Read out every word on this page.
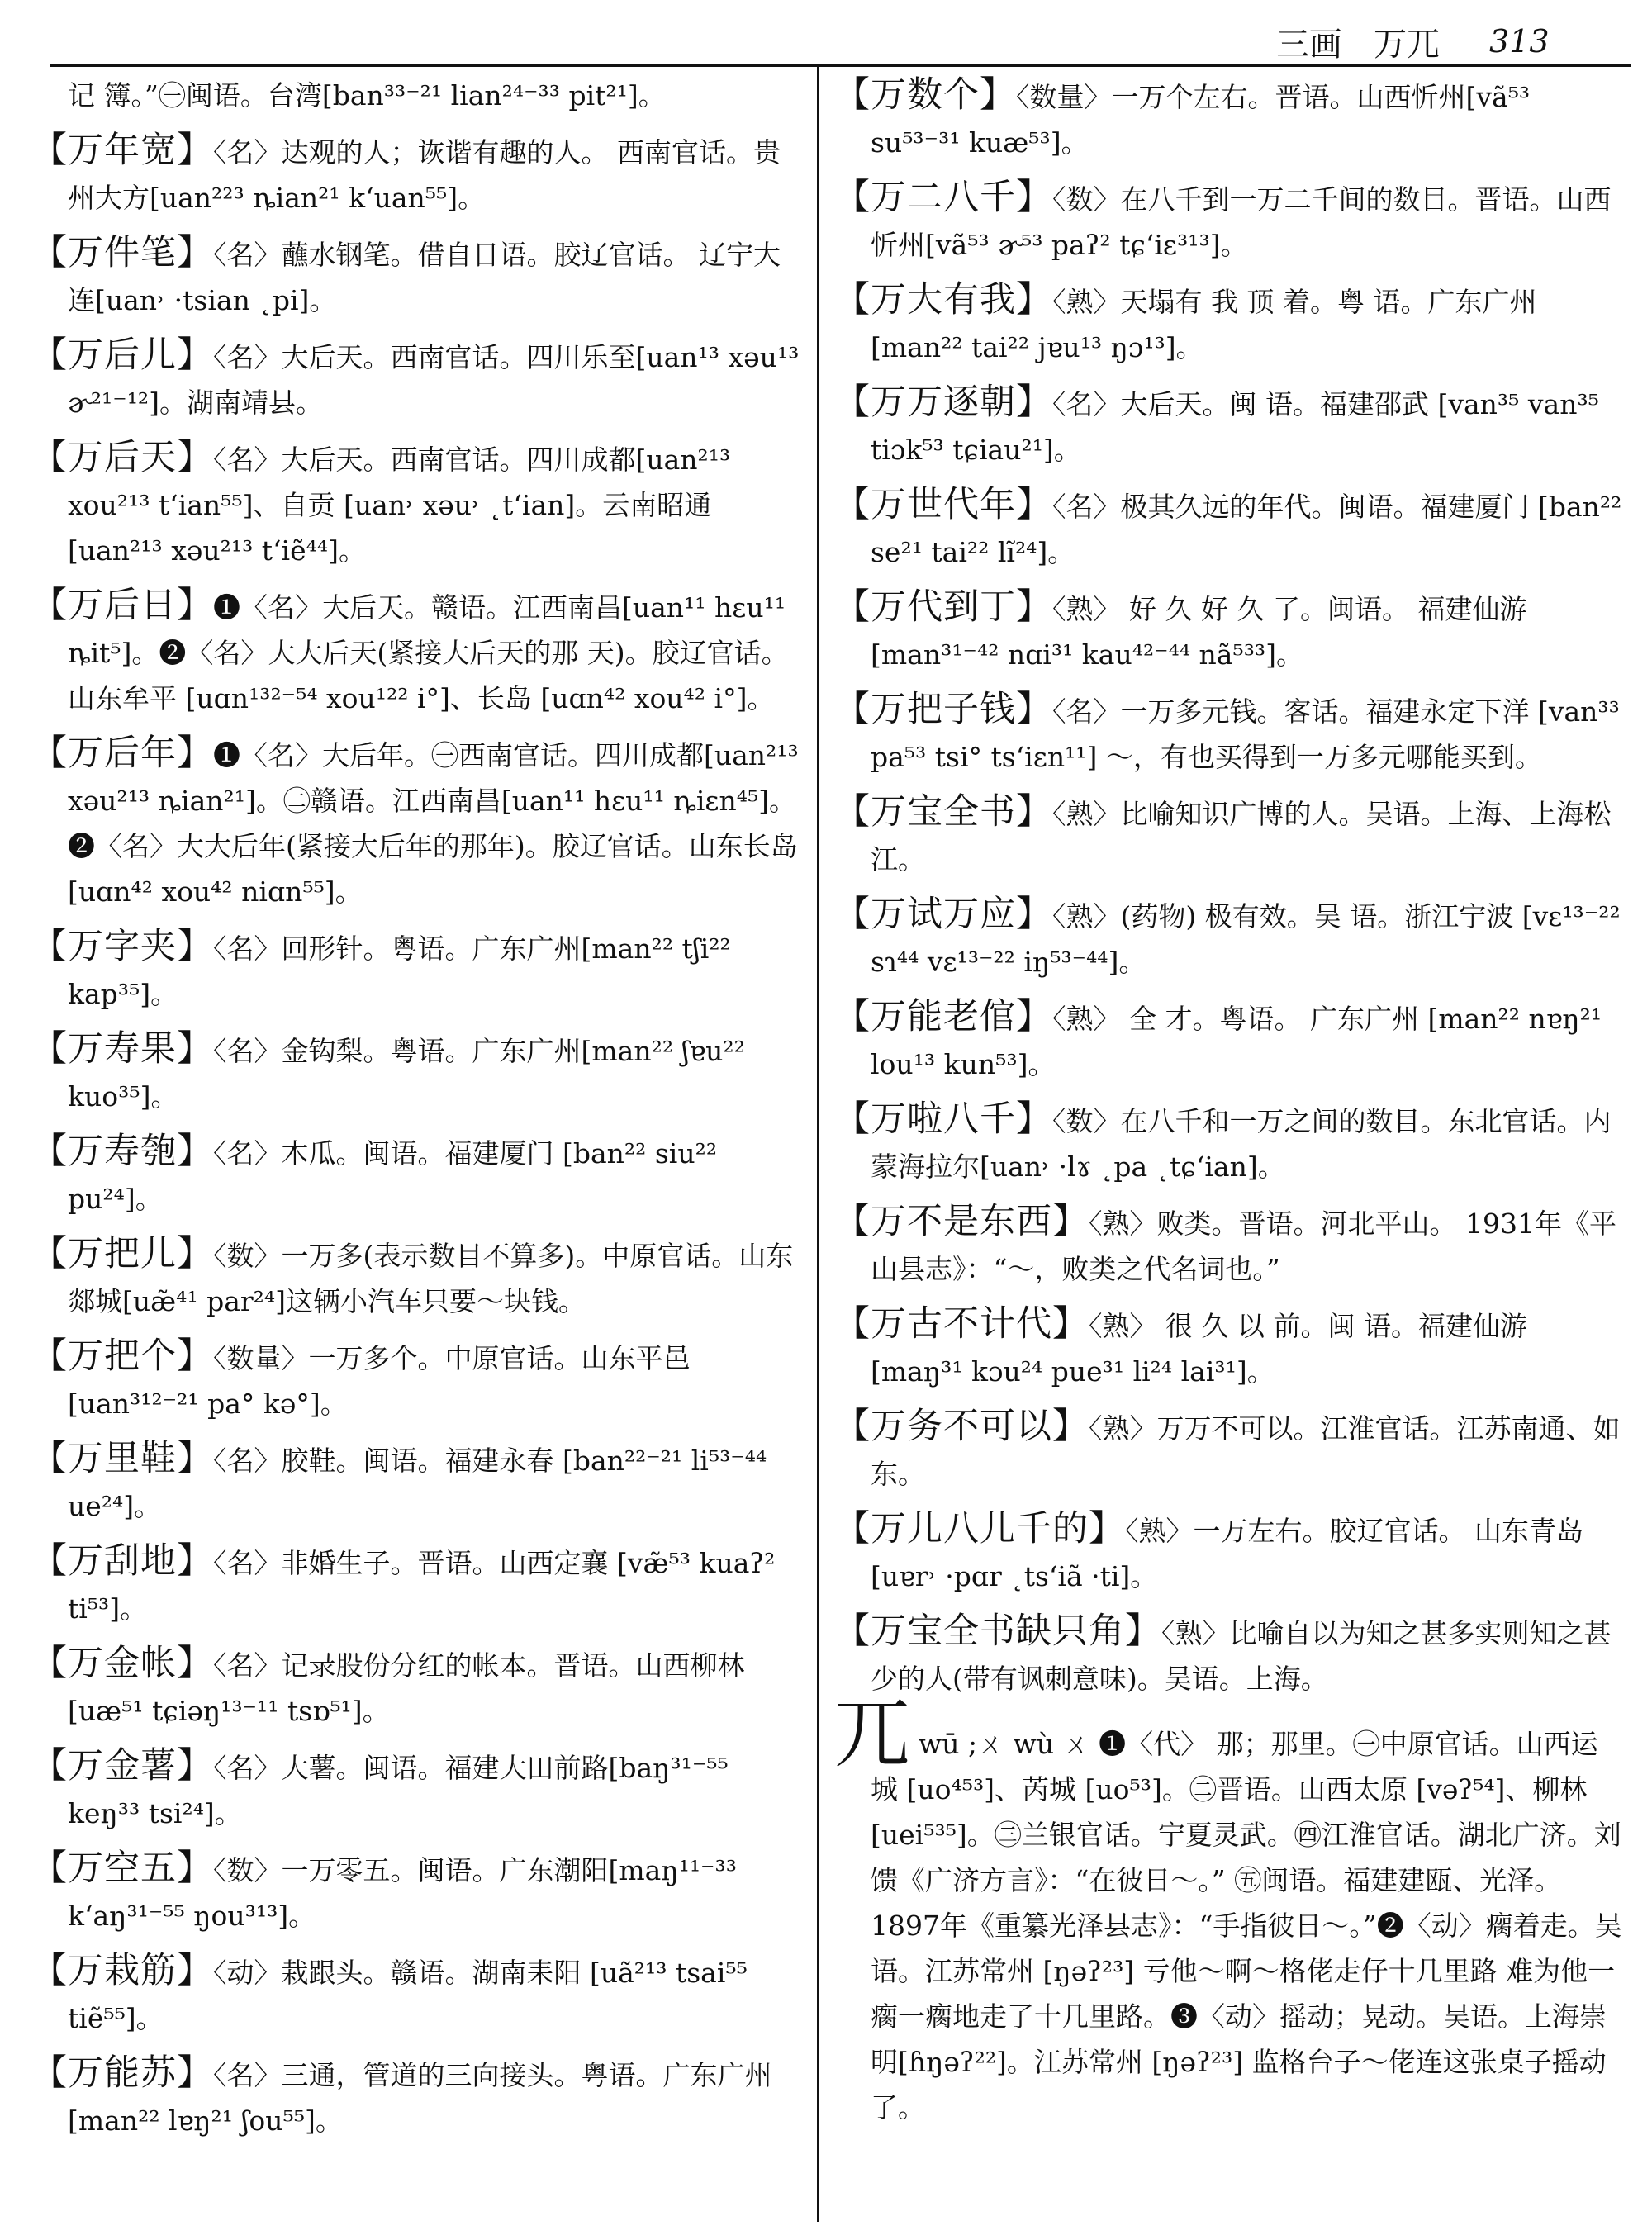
三画 万兀 313

记 簿。”㊀闽语。台湾[ban³³⁻²¹ lian²⁴⁻³³ pit²¹]。

【万年宽】〈名〉达观的人；诙谐有趣的人。 西南官话。贵州大方[uan²²³ ȵian²¹ k‘uan⁵⁵]。

【万件笔】〈名〉蘸水钢笔。借自日语。胶辽官话。 辽宁大连[uan˒ ·tsian ˛pi]。

【万后儿】〈名〉大后天。西南官话。四川乐至[uan¹³ xəu¹³ ɚ²¹⁻¹²]。湖南靖县。

【万后天】〈名〉大后天。西南官话。四川成都[uan²¹³ xou²¹³ t‘ian⁵⁵]、自贡 [uan˒ xəu˒ ˛t‘ian]。云南昭通[uan²¹³ xəu²¹³ t‘iẽ⁴⁴]。

【万后日】❶〈名〉大后天。赣语。江西南昌[uan¹¹ hɛu¹¹ ȵit⁵]。❷〈名〉大大后天(紧接大后天的那 天)。胶辽官话。 山东牟平 [uɑn¹³²⁻⁵⁴ xou¹²² i°]、长岛 [uɑn⁴² xou⁴² i°]。

【万后年】❶〈名〉大后年。㊀西南官话。四川成都[uan²¹³ xəu²¹³ ȵian²¹]。㊁赣语。江西南昌[uan¹¹ hɛu¹¹ ȵiɛn⁴⁵]。❷〈名〉大大后年(紧接大后年的那年)。胶辽官话。山东长岛[uɑn⁴² xou⁴² niɑn⁵⁵]。

【万字夹】〈名〉回形针。粤语。广东广州[man²² tʃi²² kap³⁵]。

【万寿果】〈名〉金钩梨。粤语。广东广州[man²² ʃɐu²² kuo³⁵]。

【万寿匏】〈名〉木瓜。闽语。福建厦门 [ban²² siu²² pu²⁴]。

【万把儿】〈数〉一万多(表示数目不算多)。中原官话。山东郯城[uæ̃⁴¹ par²⁴]这辆小汽车只要～块钱。

【万把个】〈数量〉一万多个。中原官话。山东平邑 [uan³¹²⁻²¹ pa° kə°]。

【万里鞋】〈名〉胶鞋。闽语。福建永春 [ban²²⁻²¹ li⁵³⁻⁴⁴ ue²⁴]。

【万刮地】〈名〉非婚生子。晋语。山西定襄 [væ̃⁵³ kuaʔ² ti⁵³]。

【万金帐】〈名〉记录股份分红的帐本。晋语。山西柳林[uæ⁵¹ tɕiəŋ¹³⁻¹¹ tsɒ⁵¹]。

【万金薯】〈名〉大薯。闽语。福建大田前路[baŋ³¹⁻⁵⁵ keŋ³³ tsi²⁴]。

【万空五】〈数〉一万零五。闽语。广东潮阳[maŋ¹¹⁻³³ k‘aŋ³¹⁻⁵⁵ ŋou³¹³]。

【万栽筋】〈动〉栽跟头。赣语。湖南耒阳 [uã²¹³ tsai⁵⁵ tiẽ⁵⁵]。

【万能苏】〈名〉三通，管道的三向接头。粤语。广东广州[man²² lɐŋ²¹ ʃou⁵⁵]。

【万数个】〈数量〉一万个左右。晋语。山西忻州[vã⁵³ su⁵³⁻³¹ kuæ⁵³]。

【万二八千】〈数〉在八千到一万二千间的数目。晋语。山西忻州[vã⁵³ ɚ⁵³ paʔ² tɕ‘iɛ³¹³]。

【万大有我】〈熟〉天塌有 我 顶 着。粤 语。广东广州 [man²² tai²² jɐu¹³ ŋɔ¹³]。

【万万逐朝】〈名〉大后天。闽 语。福建邵武 [van³⁵ van³⁵ tiɔk⁵³ tɕiau²¹]。

【万世代年】〈名〉极其久远的年代。闽语。福建厦门 [ban²² se²¹ tai²² lĩ²⁴]。

【万代到丁】〈熟〉 好 久 好 久 了。闽语。 福建仙游 [man³¹⁻⁴² nɑi³¹ kau⁴²⁻⁴⁴ nã⁵³³]。

【万把子钱】〈名〉一万多元钱。客话。福建永定下洋 [van³³ pa⁵³ tsi° ts‘iɛn¹¹] ～，有也买得到一万多元哪能买到。

【万宝全书】〈熟〉比喻知识广博的人。吴语。上海、上海松江。

【万试万应】〈熟〉(药物) 极有效。吴 语。浙江宁波 [vɛ¹³⁻²² sɿ⁴⁴ vɛ¹³⁻²² iŋ⁵³⁻⁴⁴]。

【万能老倌】〈熟〉 全 才。粤语。 广东广州 [man²² nɐŋ²¹ lou¹³ kun⁵³]。

【万啦八千】〈数〉在八千和一万之间的数目。东北官话。内蒙海拉尔[uan˒ ·lɤ ˛pa ˛tɕ‘ian]。

【万不是东西】〈熟〉败类。晋语。河北平山。 1931年《平山县志》：“～，败类之代名词也。”

【万古不计代】〈熟〉 很 久 以 前。闽 语。福建仙游 [maŋ³¹ kɔu²⁴ pue³¹ li²⁴ lai³¹]。

【万务不可以】〈熟〉万万不可以。江淮官话。江苏南通、如东。

【万儿八儿千的】〈熟〉一万左右。胶辽官话。 山东青岛[uɐr˒ ·pɑr ˛ts‘iã ·ti]。

【万宝全书缺只角】〈熟〉比喻自以为知之甚多实则知之甚少的人(带有讽刺意味)。吴语。上海。

兀wū ;ㄨ wù ㄨ ❶〈代〉 那；那里。㊀中原官话。山西运城 [uo⁴⁵³]、芮城 [uo⁵³]。㊁晋语。山西太原 [vəʔ⁵⁴]、柳林 [uei⁵³⁵]。㊂兰银官话。宁夏灵武。㊃江淮官话。湖北广济。刘馈《广济方言》：“在彼日～。” ㊄闽语。福建建瓯、光泽。1897年《重纂光泽县志》：“手指彼日～。”❷〈动〉瘸着走。吴语。江苏常州 [ŋəʔ²³] 亏他～啊～格佬走仔十几里路 难为他一瘸一瘸地走了十几里路。❸〈动〉摇动；晃动。吴语。上海崇明[ɦŋəʔ²²]。江苏常州 [ŋəʔ²³] 监格台子～佬连这张桌子摇动了。
